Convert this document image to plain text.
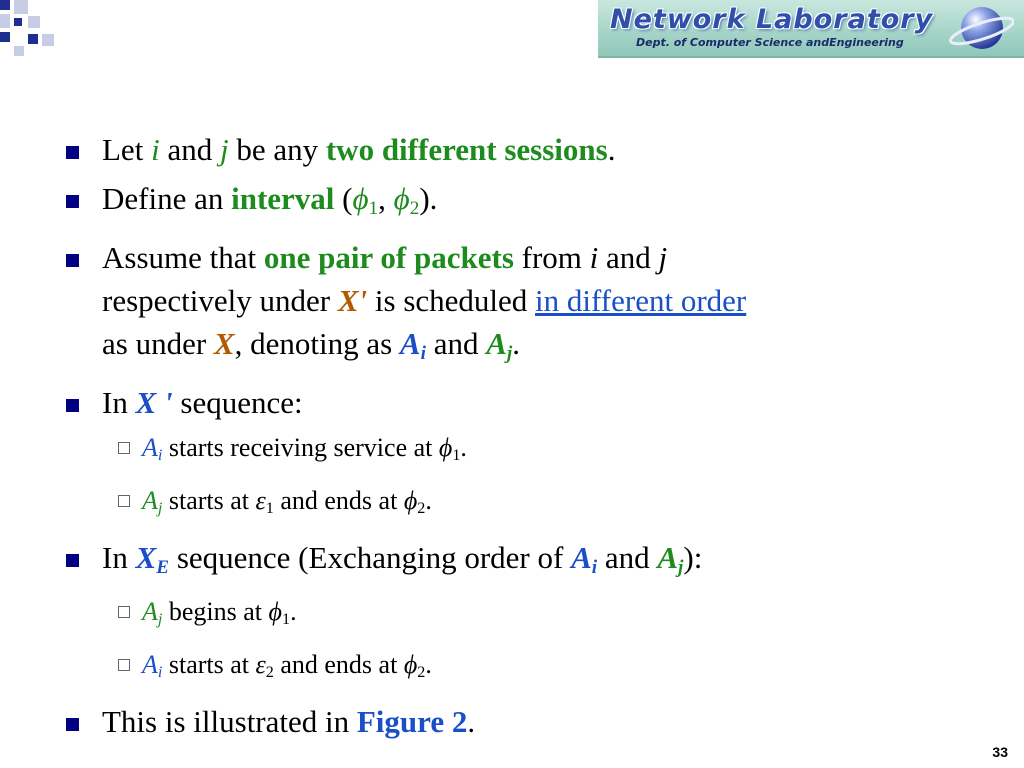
Network Laboratory
Dept. of Computer Science andEngineering
Let i and j be any two different sessions.
Define an interval ($\phi_1$, $\phi_2$).
Assume that one pair of packets from i and j
respectively under X' is scheduled in different order
as under X, denoting as $A_i$ and $A_j$.
In X ' sequence:
$A_i$ starts receiving service at $\phi_1$.
$A_j$ starts at $\varepsilon_1$ and ends at $\phi_2$.
In $X_E$ sequence (Exchanging order of $A_i$ and $A_j$):
$A_j$ begins at $\phi_1$.
$A_i$ starts at $\varepsilon_2$ and ends at $\phi_2$.
This is illustrated in Figure 2.
33
